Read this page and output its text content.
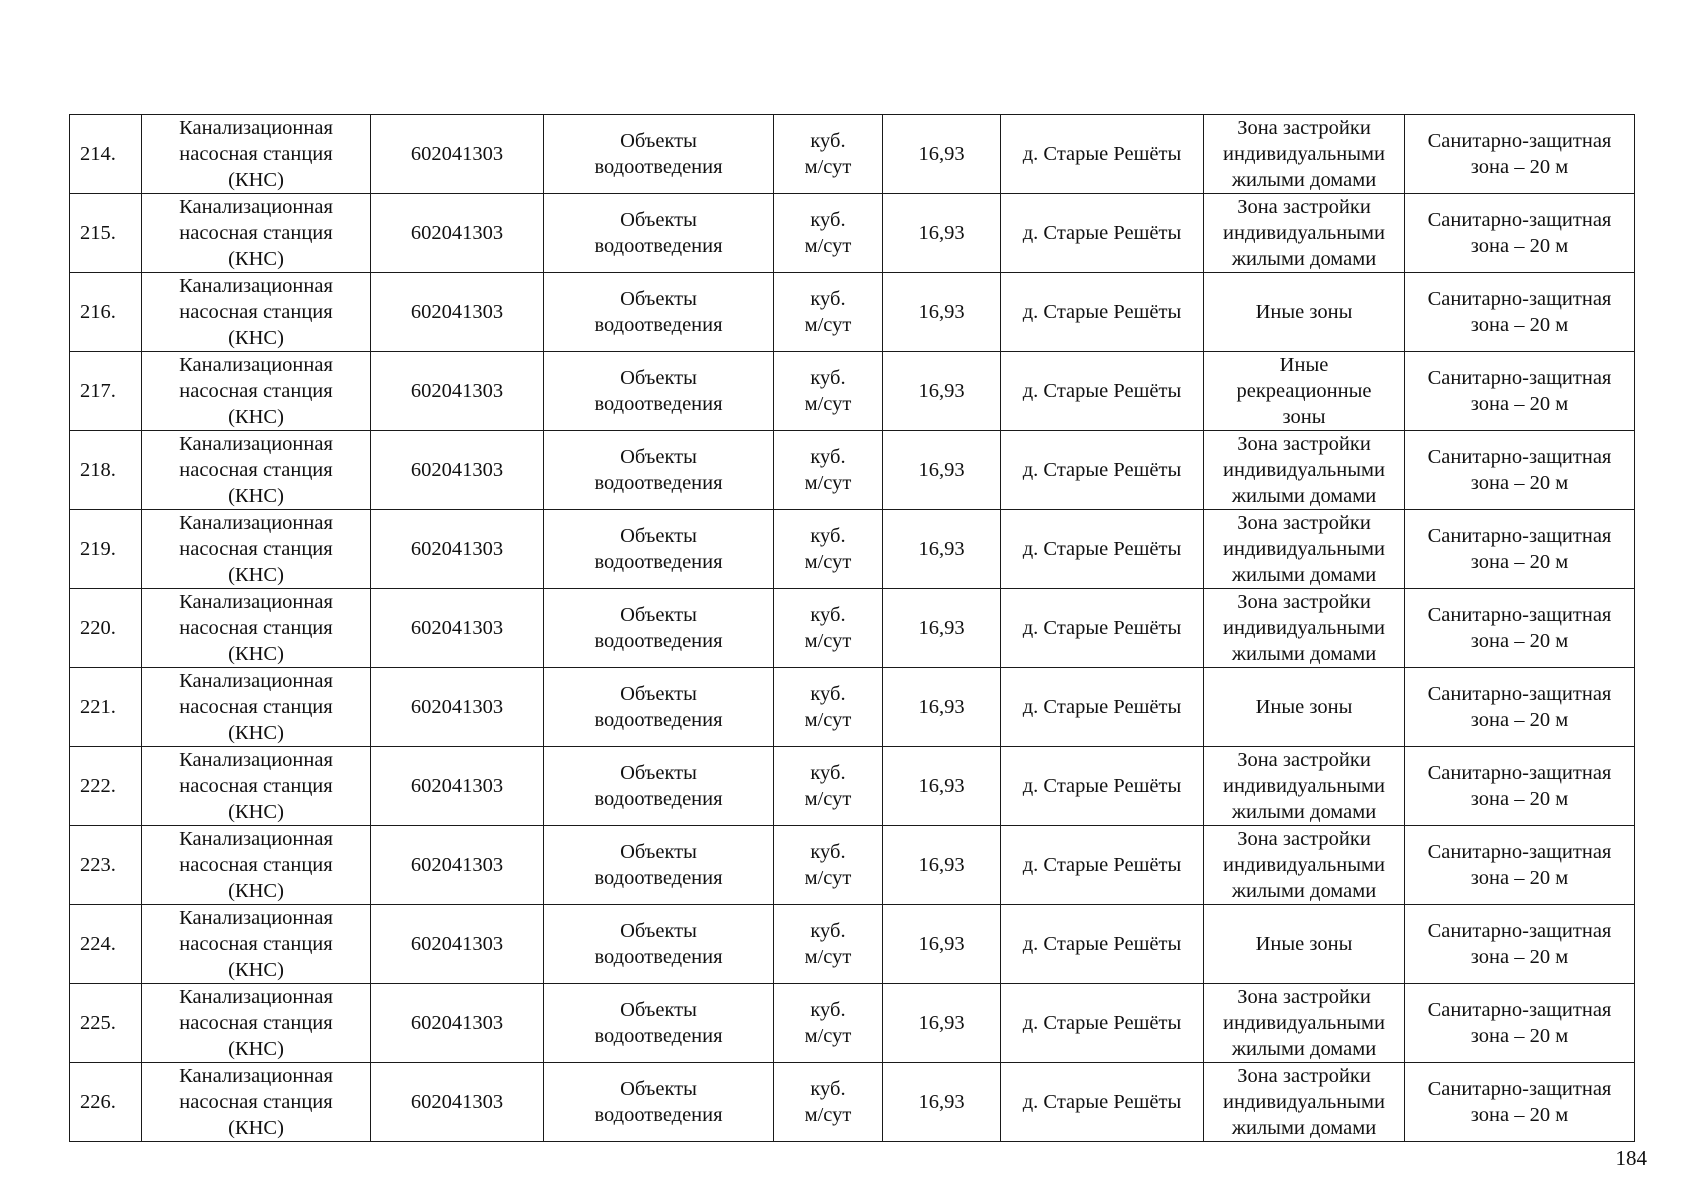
214.	Канализационная
насосная станция
(КНС)	602041303	Объекты
водоотведения	куб.
м/сут	16,93	д. Старые Решёты	Зона застройки
индивидуальными
жилыми домами	Санитарно-защитная
зона – 20 м

215.	Канализационная
насосная станция
(КНС)	602041303	Объекты
водоотведения	куб.
м/сут	16,93	д. Старые Решёты	Зона застройки
индивидуальными
жилыми домами	Санитарно-защитная
зона – 20 м

216.	Канализационная
насосная станция
(КНС)	602041303	Объекты
водоотведения	куб.
м/сут	16,93	д. Старые Решёты	Иные зоны	Санитарно-защитная
зона – 20 м

217.	Канализационная
насосная станция
(КНС)	602041303	Объекты
водоотведения	куб.
м/сут	16,93	д. Старые Решёты	Иные
рекреационные
зоны	Санитарно-защитная
зона – 20 м

218.	Канализационная
насосная станция
(КНС)	602041303	Объекты
водоотведения	куб.
м/сут	16,93	д. Старые Решёты	Зона застройки
индивидуальными
жилыми домами	Санитарно-защитная
зона – 20 м

219.	Канализационная
насосная станция
(КНС)	602041303	Объекты
водоотведения	куб.
м/сут	16,93	д. Старые Решёты	Зона застройки
индивидуальными
жилыми домами	Санитарно-защитная
зона – 20 м

220.	Канализационная
насосная станция
(КНС)	602041303	Объекты
водоотведения	куб.
м/сут	16,93	д. Старые Решёты	Зона застройки
индивидуальными
жилыми домами	Санитарно-защитная
зона – 20 м

221.	Канализационная
насосная станция
(КНС)	602041303	Объекты
водоотведения	куб.
м/сут	16,93	д. Старые Решёты	Иные зоны	Санитарно-защитная
зона – 20 м

222.	Канализационная
насосная станция
(КНС)	602041303	Объекты
водоотведения	куб.
м/сут	16,93	д. Старые Решёты	Зона застройки
индивидуальными
жилыми домами	Санитарно-защитная
зона – 20 м

223.	Канализационная
насосная станция
(КНС)	602041303	Объекты
водоотведения	куб.
м/сут	16,93	д. Старые Решёты	Зона застройки
индивидуальными
жилыми домами	Санитарно-защитная
зона – 20 м

224.	Канализационная
насосная станция
(КНС)	602041303	Объекты
водоотведения	куб.
м/сут	16,93	д. Старые Решёты	Иные зоны	Санитарно-защитная
зона – 20 м

225.	Канализационная
насосная станция
(КНС)	602041303	Объекты
водоотведения	куб.
м/сут	16,93	д. Старые Решёты	Зона застройки
индивидуальными
жилыми домами	Санитарно-защитная
зона – 20 м

226.	Канализационная
насосная станция
(КНС)	602041303	Объекты
водоотведения	куб.
м/сут	16,93	д. Старые Решёты	Зона застройки
индивидуальными
жилыми домами	Санитарно-защитная
зона – 20 м
184
